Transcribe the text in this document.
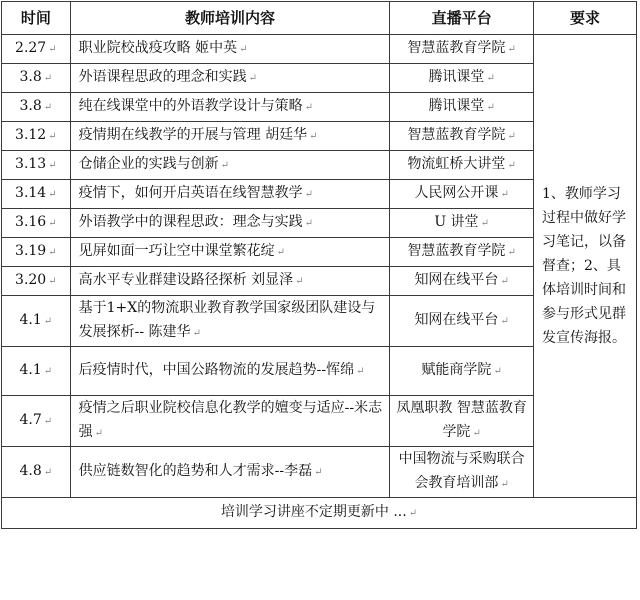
时间	教师培训内容	直播平台	要求
2.27 ↵	职业院校战疫攻略 姬中英 ↵	智慧蓝教育学院 ↵	1、教师学习过程中做好学习笔记，以备督查；2、具体培训时间和参与形式见群发宣传海报。
3.8 ↵	外语课程思政的理念和实践 ↵	腾讯课堂 ↵	
3.8 ↵	纯在线课堂中的外语教学设计与策略 ↵	腾讯课堂 ↵	
3.12 ↵	疫情期在线教学的开展与管理 胡廷华 ↵	智慧蓝教育学院 ↵	
3.13 ↵	仓储企业的实践与创新 ↵	物流虹桥大讲堂 ↵	
3.14 ↵	疫情下，如何开启英语在线智慧教学 ↵	人民网公开课 ↵	
3.16 ↵	外语教学中的课程思政：理念与实践 ↵	U 讲堂 ↵	
3.19 ↵	见屏如面一巧让空中课堂繁花绽 ↵	智慧蓝教育学院 ↵	
3.20 ↵	高水平专业群建设路径探析 刘显泽 ↵	知网在线平台 ↵	
4.1 ↵	基于1+X的物流职业教育教学国家级团队建设与发展探析-- 陈建华 ↵	知网在线平台 ↵	
4.1 ↵	后疫情时代，中国公路物流的发展趋势--恽绵 ↵	赋能商学院 ↵	
4.7 ↵	疫情之后职业院校信息化教学的嬗变与适应--米志强 ↵	凤凰职教 智慧蓝教育学院 ↵	
4.8 ↵	供应链数智化的趋势和人才需求--李磊 ↵	中国物流与采购联合会教育培训部 ↵	
培训学习讲座不定期更新中 ... ↵			
